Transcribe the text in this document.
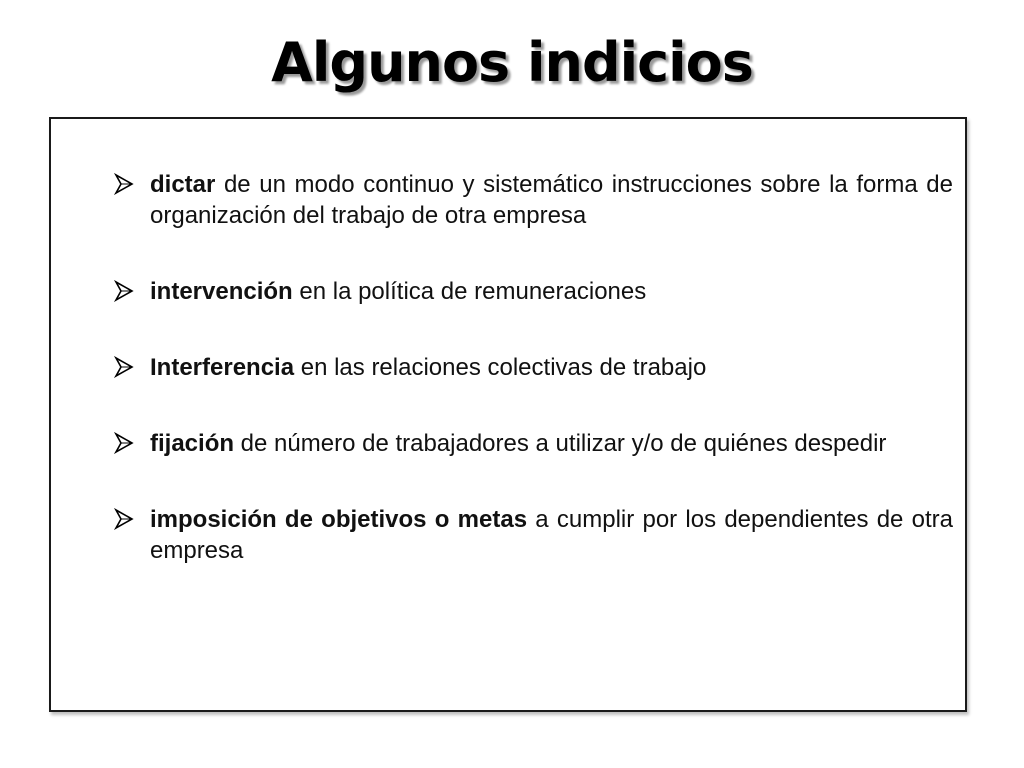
Algunos indicios
dictar de un modo continuo y sistemático instrucciones sobre la forma de organización del trabajo de otra empresa
intervención en la política de remuneraciones
Interferencia en las relaciones colectivas de trabajo
fijación de número de trabajadores a utilizar y/o de quiénes despedir
imposición de objetivos o metas a cumplir por los dependientes de otra empresa
